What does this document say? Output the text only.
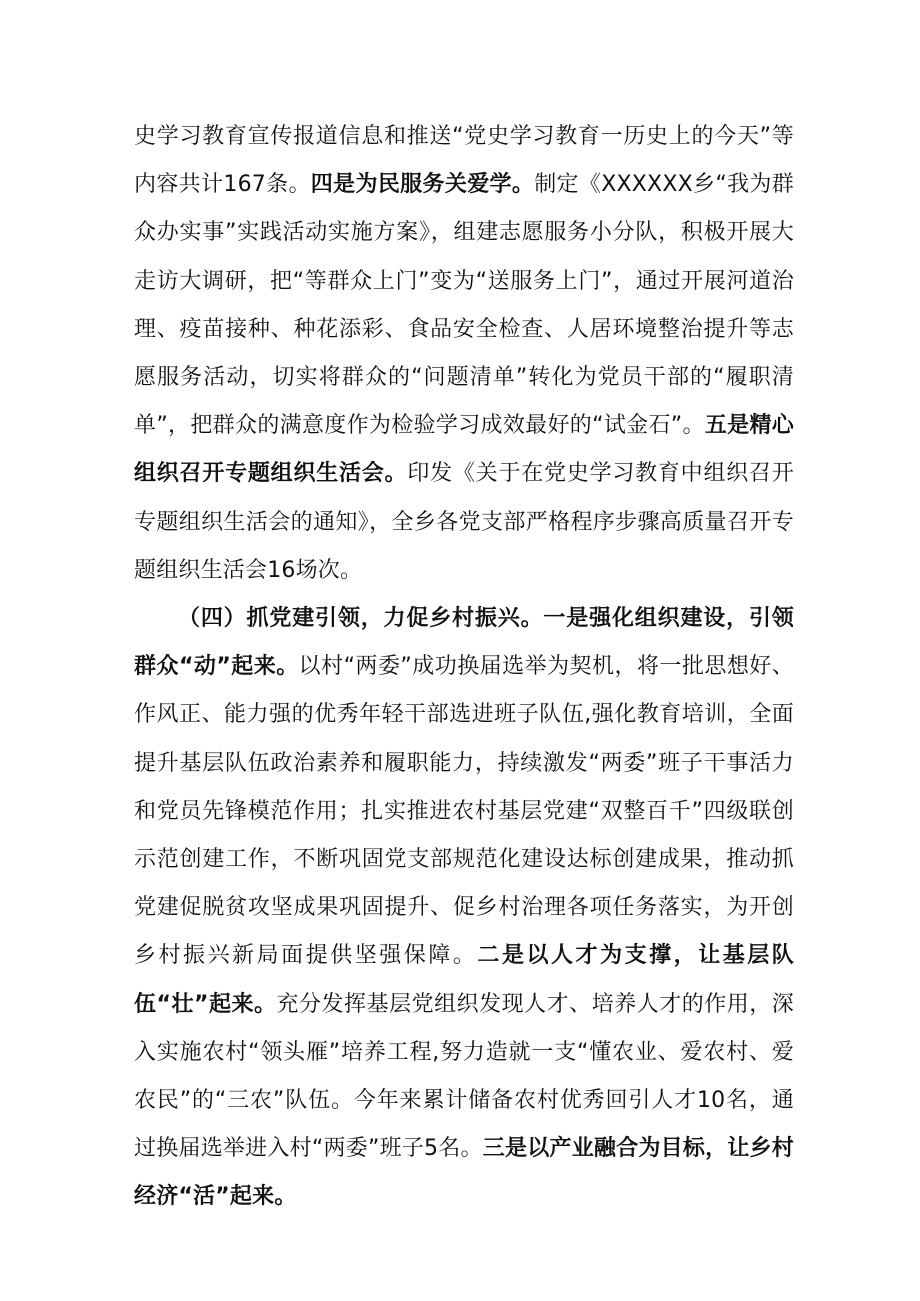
史学习教育宣传报道信息和推送“党史学习教育一历史上的今天”等内容共计167条。四是为民服务关爱学。制定《XXXXXX乡“我为群众办实事”实践活动实施方案》，组建志愿服务小分队，积极开展大走访大调研，把“等群众上门”变为“送服务上门”，通过开展河道治理、疫苗接种、种花添彩、食品安全检查、人居环境整治提升等志愿服务活动，切实将群众的“问题清单”转化为党员干部的“履职清单”，把群众的满意度作为检验学习成效最好的“试金石”。五是精心组织召开专题组织生活会。印发《关于在党史学习教育中组织召开专题组织生活会的通知》，全乡各党支部严格程序步骤高质量召开专题组织生活会16场次。

（四）抓党建引领，力促乡村振兴。一是强化组织建设，引领群众“动”起来。以村“两委”成功换届选举为契机，将一批思想好、作风正、能力强的优秀年轻干部选进班子队伍,强化教育培训，全面提升基层队伍政治素养和履职能力，持续激发“两委”班子干事活力和党员先锋模范作用；扎实推进农村基层党建“双整百千”四级联创示范创建工作，不断巩固党支部规范化建设达标创建成果，推动抓党建促脱贫攻坚成果巩固提升、促乡村治理各项任务落实，为开创乡村振兴新局面提供坚强保障。二是以人才为支撑，让基层队伍“壮”起来。充分发挥基层党组织发现人才、培养人才的作用，深入实施农村“领头雁”培养工程,努力造就一支“懂农业、爱农村、爱农民”的“三农”队伍。今年来累计储备农村优秀回引人才10名，通过换届选举进入村“两委”班子5名。三是以产业融合为目标，让乡村经济“活”起来。
